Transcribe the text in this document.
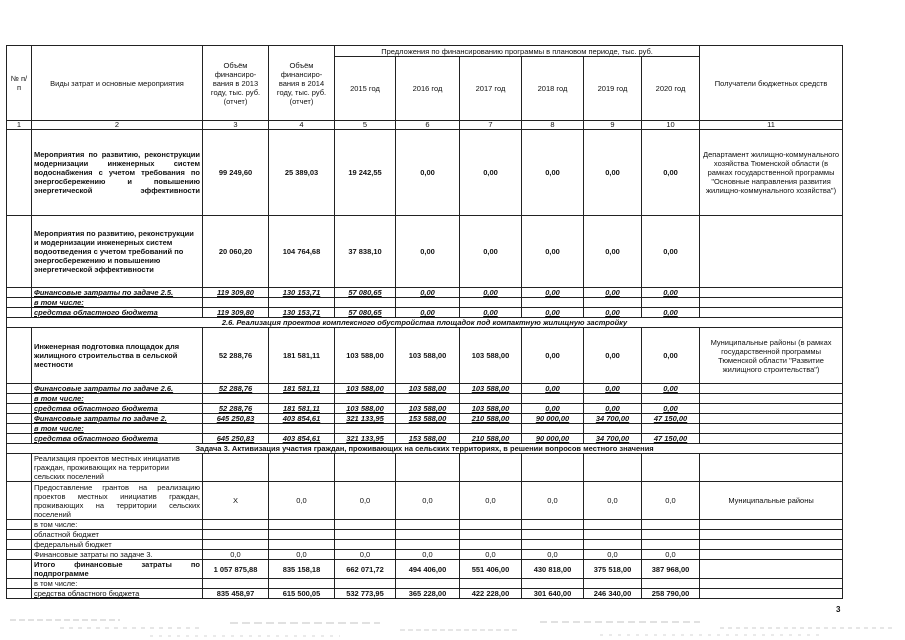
№ п/п	Виды затрат и основные мероприятия	Объём финансиро-вания в 2013 году, тыс. руб. (отчет)	Объём финансиро-вания в 2014 году, тыс. руб. (отчет)	Предложения по финансированию программы в плановом периоде, тыс. руб.						Получатели бюджетных средств
				2015 год	2016 год	2017 год	2018 год	2019 год	2020 год	
1	2	3	4	5	6	7	8	9	10	11
	Мероприятия по развитию, реконструкции модернизации инженерных систем водоснабжения с учетом требования по энергосбережению и повышению энергетической эффективности	99 249,60	25 389,03	19 242,55	0,00	0,00	0,00	0,00	0,00	Департамент жилищно-коммунального хозяйства Тюменской области (в рамках государственной программы "Основные направления развития жилищно-коммунального хозяйства")
	Мероприятия по развитию, реконструкции и модернизации инженерных систем водоотведения с учетом требований по энергосбережению и повышению энергетической эффективности	20 060,20	104 764,68	37 838,10	0,00	0,00	0,00	0,00	0,00	
	Финансовые затраты по задаче 2.5.	119 309,80	130 153,71	57 080,65	0,00	0,00	0,00	0,00	0,00	
	в том числе:									
	средства областного бюджета	119 309,80	130 153,71	57 080,65	0,00	0,00	0,00	0,00	0,00	
2.6. Реализация проектов комплексного обустройства площадок под компактную жилищную застройку										
	Инженерная подготовка площадок для жилищного строительства в сельской местности	52 288,76	181 581,11	103 588,00	103 588,00	103 588,00	0,00	0,00	0,00	Муниципальные районы (в рамках государственной программы Тюменской области "Развитие жилищного строительства")
	Финансовые затраты по задаче 2.6.	52 288,76	181 581,11	103 588,00	103 588,00	103 588,00	0,00	0,00	0,00	
	в том числе:									
	средства областного бюджета	52 288,76	181 581,11	103 588,00	103 588,00	103 588,00	0,00	0,00	0,00	
	Финансовые затраты по задаче 2.	645 250,83	403 854,61	321 133,95	153 588,00	210 588,00	90 000,00	34 700,00	47 150,00	
	в том числе:									
	средства областного бюджета	645 250,83	403 854,61	321 133,95	153 588,00	210 588,00	90 000,00	34 700,00	47 150,00	
Задача 3. Активизация участия граждан, проживающих на сельских территориях, в решении вопросов местного значения										
	Реализация проектов местных инициатив граждан, проживающих на территории сельских поселений									
	Предоставление грантов на реализацию проектов местных инициатив граждан, проживающих на территории сельских поселений	Х	0,0	0,0	0,0	0,0	0,0	0,0	0,0	Муниципальные районы
	в том числе:									
	областной бюджет									
	федеральный бюджет									
	Финансовые затраты по задаче 3.	0,0	0,0	0,0	0,0	0,0	0,0	0,0	0,0	
	Итого финансовые затраты по подпрограмме	1 057 875,88	835 158,18	662 071,72	494 406,00	551 406,00	430 818,00	375 518,00	387 968,00	
	в том числе:									
	средства областного бюджета	835 458,97	615 500,05	532 773,95	365 228,00	422 228,00	301 640,00	246 340,00	258 790,00	
3
